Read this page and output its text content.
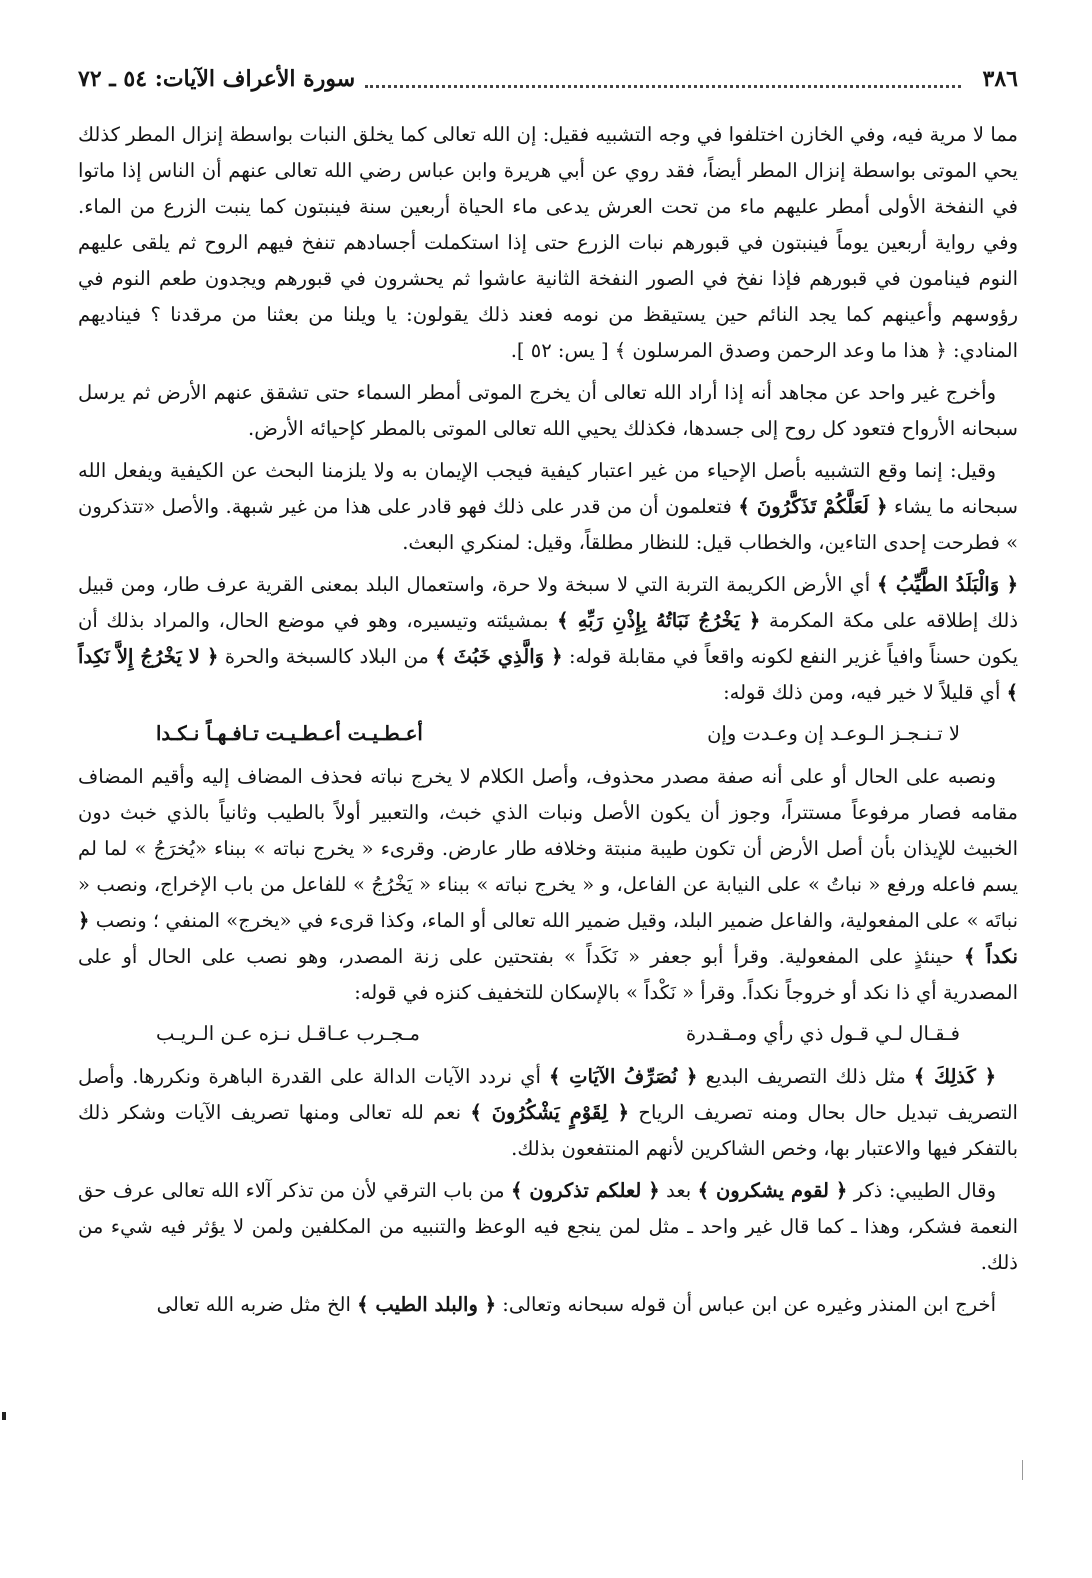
٣٨٦
سورة الأعراف الآيات: ٥٤ ـ ٧٢

مما لا مرية فيه، وفي الخازن اختلفوا في وجه التشبيه فقيل: إن الله تعالى كما يخلق النبات بواسطة إنزال المطر كذلك يحي الموتى بواسطة إنزال المطر أيضاً، فقد روي عن أبي هريرة وابن عباس رضي الله تعالى عنهم أن الناس إذا ماتوا في النفخة الأولى أمطر عليهم ماء من تحت العرش يدعى ماء الحياة أربعين سنة فينبتون كما ينبت الزرع من الماء. وفي رواية أربعين يوماً فينبتون في قبورهم نبات الزرع حتى إذا استكملت أجسادهم تنفخ فيهم الروح ثم يلقى عليهم النوم فينامون في قبورهم فإذا نفخ في الصور النفخة الثانية عاشوا ثم يحشرون في قبورهم ويجدون طعم النوم في رؤوسهم وأعينهم كما يجد النائم حين يستيقظ من نومه فعند ذلك يقولون: يا ويلنا من بعثنا من مرقدنا ؟ فيناديهم المنادي: ﴿ هذا ما وعد الرحمن وصدق المرسلون ﴾ [ يس: ٥٢ ].

وأخرج غير واحد عن مجاهد أنه إذا أراد الله تعالى أن يخرج الموتى أمطر السماء حتى تشقق عنهم الأرض ثم يرسل سبحانه الأرواح فتعود كل روح إلى جسدها، فكذلك يحيي الله تعالى الموتى بالمطر كإحيائه الأرض.

وقيل: إنما وقع التشبيه بأصل الإحياء من غير اعتبار كيفية فيجب الإيمان به ولا يلزمنا البحث عن الكيفية ويفعل الله سبحانه ما يشاء ﴿ لَعَلَّكُمْ تَذَكَّرُونَ ﴾ فتعلمون أن من قدر على ذلك فهو قادر على هذا من غير شبهة. والأصل «تتذكرون » فطرحت إحدى التاءين، والخطاب قيل: للنظار مطلقاً، وقيل: لمنكري البعث.

﴿ وَالْبَلَدُ الطَّيِّبُ ﴾ أي الأرض الكريمة التربة التي لا سبخة ولا حرة، واستعمال البلد بمعنى القرية عرف طار، ومن قبيل ذلك إطلاقه على مكة المكرمة ﴿ يَخْرُجُ نَبَاتُهُ بِإِذْنِ رَبِّهِ ﴾ بمشيئته وتيسيره، وهو في موضع الحال، والمراد بذلك أن يكون حسناً وافياً غزير النفع لكونه واقعاً في مقابلة قوله: ﴿ وَالَّذِي خَبُثَ ﴾ من البلاد كالسبخة والحرة ﴿ لا يَخْرُجُ إِلاَّ نَكِداً ﴾ أي قليلاً لا خير فيه، ومن ذلك قوله:

لا تـنـجـز الـوعـد إن وعـدت وإن
أعـطـيـت أعـطـيـت تـافـهـاً نـكـدا

ونصبه على الحال أو على أنه صفة مصدر محذوف، وأصل الكلام لا يخرج نباته فحذف المضاف إليه وأقيم المضاف مقامه فصار مرفوعاً مستتراً، وجوز أن يكون الأصل ونبات الذي خبث، والتعبير أولاً بالطيب وثانياً بالذي خبث دون الخبيث للإيذان بأن أصل الأرض أن تكون طيبة منبتة وخلافه طار عارض. وقرىء « يخرج نباته » ببناء «يُخرَجُ » لما لم يسم فاعله ورفع « نباتُ » على النيابة عن الفاعل، و « يخرج نباته » ببناء « يَخْرُجُ » للفاعل من باب الإخراج، ونصب « نباتَه » على المفعولية، والفاعل ضمير البلد، وقيل ضمير الله تعالى أو الماء، وكذا قرىء في «يخرج» المنفي ؛ ونصب ﴿ نكداً ﴾ حينئذٍ على المفعولية. وقرأ أبو جعفر « نَكَداً » بفتحتين على زنة المصدر، وهو نصب على الحال أو على المصدرية أي ذا نكد أو خروجاً نكداً. وقرأ « نَكْداً » بالإسكان للتخفيف كنزه في قوله:

فـقـال لـي قـول ذي رأي ومـقـدرة
مـجـرب عـاقـل نـزه عـن الـريـب

﴿ كَذلِكَ ﴾ مثل ذلك التصريف البديع ﴿ نُصَرِّفُ الآيَاتِ ﴾ أي نردد الآيات الدالة على القدرة الباهرة ونكررها. وأصل التصريف تبديل حال بحال ومنه تصريف الرياح ﴿ لِقَوْمٍ يَشْكُرُونَ ﴾ نعم لله تعالى ومنها تصريف الآيات وشكر ذلك بالتفكر فيها والاعتبار بها، وخص الشاكرين لأنهم المنتفعون بذلك.

وقال الطيبي: ذكر ﴿ لقوم يشكرون ﴾ بعد ﴿ لعلكم تذكرون ﴾ من باب الترقي لأن من تذكر آلاء الله تعالى عرف حق النعمة فشكر، وهذا ـ كما قال غير واحد ـ مثل لمن ينجع فيه الوعظ والتنبيه من المكلفين ولمن لا يؤثر فيه شيء من ذلك.

أخرج ابن المنذر وغيره عن ابن عباس أن قوله سبحانه وتعالى: ﴿ والبلد الطيب ﴾ الخ مثل ضربه الله تعالى
